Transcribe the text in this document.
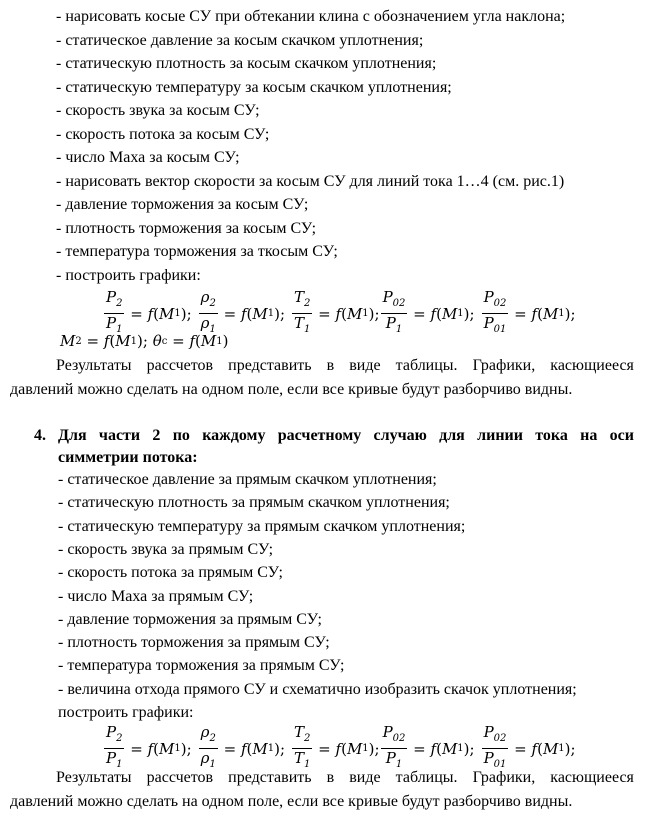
- нарисовать косые СУ при обтекании клина с обозначением угла наклона;
- статическое давление за косым скачком уплотнения;
- статическую плотность за косым скачком уплотнения;
- статическую температуру за косым скачком уплотнения;
- скорость звука за косым СУ;
- скорость потока за косым СУ;
- число Маха за косым СУ;
- нарисовать вектор скорости за косым СУ для линий тока 1…4 (см. рис.1)
- давление торможения за косым СУ;
- плотность торможения за косым СУ;
- температура торможения за ткосым СУ;
- построить графики:
$\frac{P_2}{P_1} = f$ ( M 1 ); $\frac{\rho_2}{\rho_1} = f$ ( M 1 ); $\frac{T_2}{T_1} = f$ ( M 1 ); $\frac{P_{02}}{P_1} = f$ ( M 1 ); $\frac{P_{02}}{P_{01}} = f$ ( M 1 );
M 2 = f ( M 1 ); θ c = f ( M 1 )
Результаты рассчетов представить в виде таблицы. Графики, касющиееся
давлений можно сделать на одном поле, если все кривые будут разборчиво видны.
4. Для части 2 по каждому расчетному случаю для линии тока на оси
симметрии потока:
- статическое давление за прямым скачком уплотнения;
- статическую плотность за прямым скачком уплотнения;
- статическую температуру за прямым скачком уплотнения;
- скорость звука за прямым СУ;
- скорость потока за прямым СУ;
- число Маха за прямым СУ;
- давление торможения за прямым СУ;
- плотность торможения за прямым СУ;
- температура торможения за прямым СУ;
- величина отхода прямого СУ и схематично изобразить скачок уплотнения;
построить графики:
$\frac{P_2}{P_1} = f$ ( M 1 ); $\frac{\rho_2}{\rho_1} = f$ ( M 1 ); $\frac{T_2}{T_1} = f$ ( M 1 ); $\frac{P_{02}}{P_1} = f$ ( M 1 ); $\frac{P_{02}}{P_{01}} = f$ ( M 1 );
Результаты рассчетов представить в виде таблицы. Графики, касющиееся
давлений можно сделать на одном поле, если все кривые будут разборчиво видны.
